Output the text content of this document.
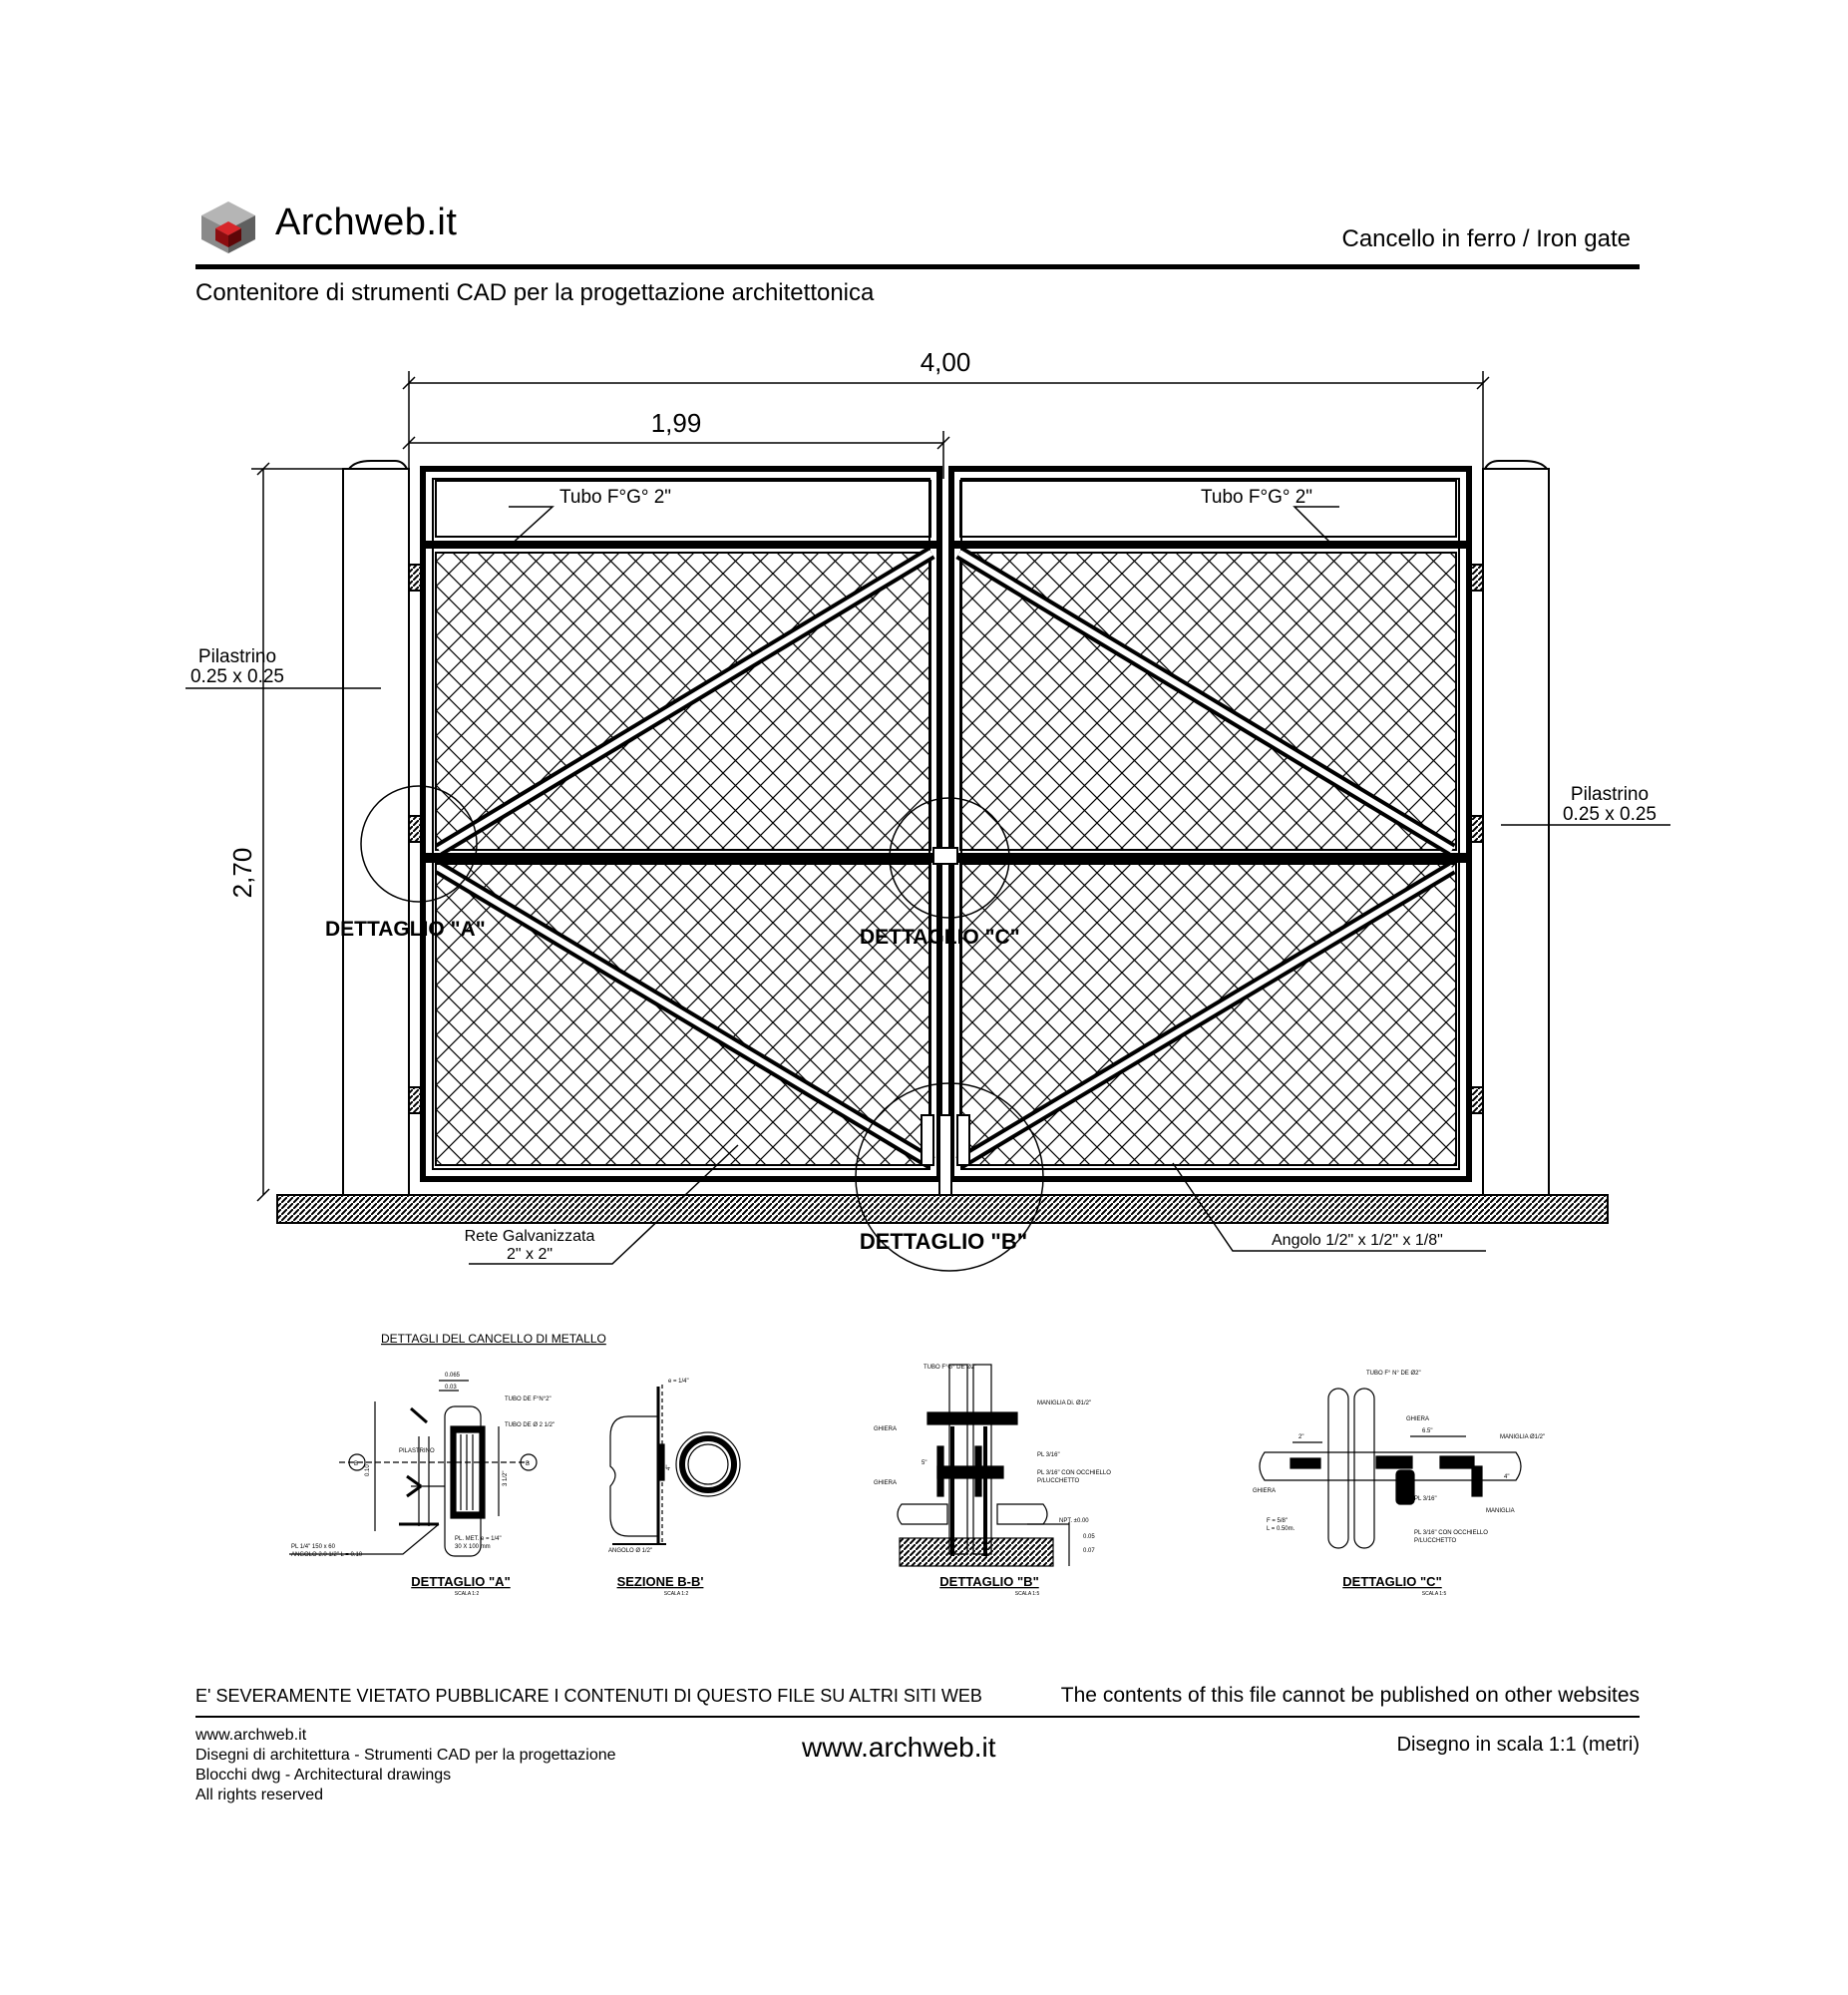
Archweb.it	Cancello in ferro / Iron gate
Contenitore di strumenti CAD per la progettazione architettonica
4,00
1,99
2,70
Tubo F°G° 2"	Tubo F°G° 2"
Pilastrino
0.25 x 0.25
Pilastrino
0.25 x 0.25
DETTAGLIO "A"	DETTAGLIO "C"
DETTAGLIO "B"
Rete Galvanizzata
2" x 2"
Angolo 1/2" x 1/2" x 1/8"
DETTAGLI DEL CANCELLO DI METALLO
0.065
0.03
TUBO DE F°N°2"
TUBO DE Ø 2 1/2"
PILASTRINO
0.10
3 1/2"
PL. MET. e = 1/4"
30 X 100 mm
PL 1/4" 150 x 60
ANGOLO 2.0 1/2" L = 0.10
B	B
DETTAGLIO "A"
SCALA 1:2
e = 1/4"
4"
ANGOLO Ø 1/2"
SEZIONE B-B'
SCALA 1:2
TUBO F°G° DE Ø2"
GHIERA
GHIERA
MANIGLIA Di. Ø1/2"
PL 3/16"
PL 3/16" CON OCCHIELLO
P/LUCCHETTO
5"
NPT. ±0.00
0.05
0.07
DETTAGLIO "B"
SCALA 1:5
TUBO F° N° DE Ø2"
GHIERA
6.5"
2"	MANIGLIA Ø1/2"
4"
MANIGLIA
PL 3/16"
PL 3/16" CON OCCHIELLO
P/LUCCHETTO
GHIERA
F = 5/8"
L = 0.50m.
DETTAGLIO "C"
SCALA 1:5
E' SEVERAMENTE VIETATO PUBBLICARE I CONTENUTI DI QUESTO FILE SU ALTRI SITI WEB	The contents of this file cannot be published on other websites
www.archweb.it
Disegni di architettura - Strumenti CAD per la progettazione
Blocchi dwg - Architectural drawings
All rights reserved
www.archweb.it	Disegno in scala 1:1 (metri)
